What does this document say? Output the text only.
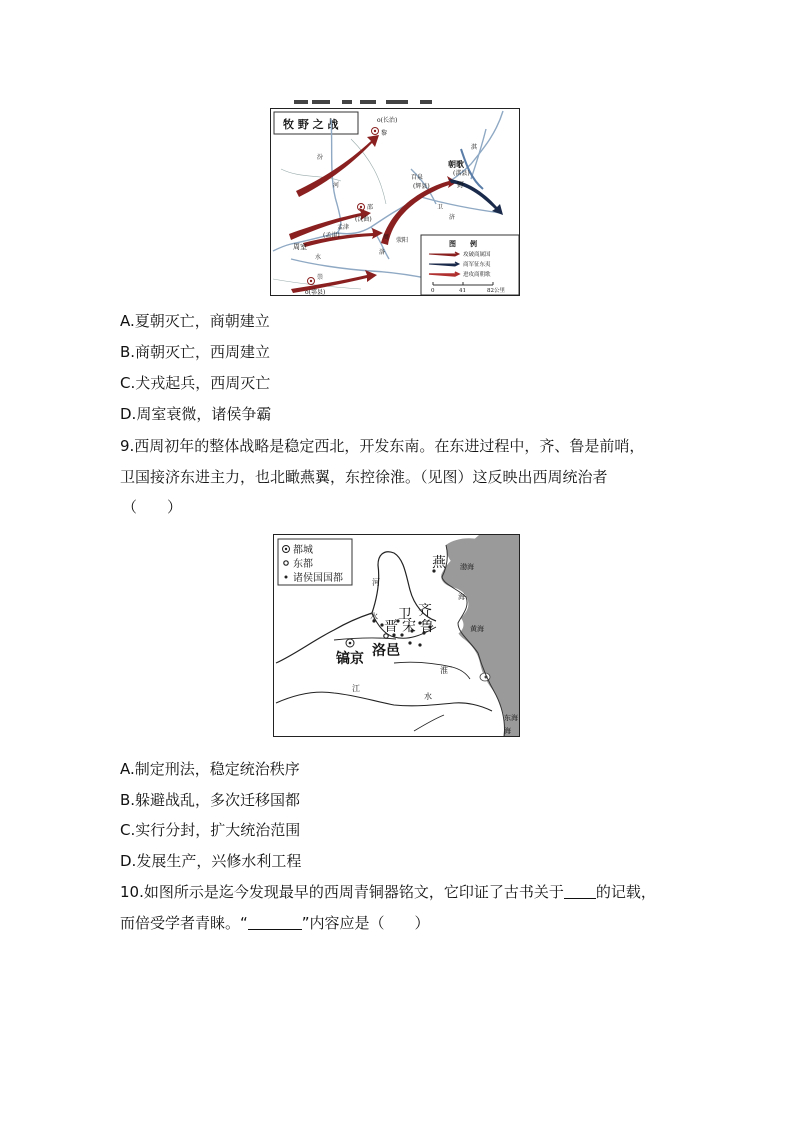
牧 野 之 战	o(长治)
黎
朝歌
(淇县)
野
百泉
(辉县)
邵
(沅曲)
孟津
(孟津)
周室
荥阳
周
崇
o(鄠县)
汾
河
洛
淇
卫
济
水
图　　例
攻破商属国
商军征东夷
进攻商朝歌
0	41	82公里
A.夏朝灭亡，商朝建立
B.商朝灭亡，西周建立
C.犬戎起兵，西周灭亡
D.周室衰微，诸侯争霸
9.西周初年的整体战略是稳定西北，开发东南。在东进过程中，齐、鲁是前哨，
卫国接济东进主力，也北瞰燕翼，东控徐淮。（见图）这反映出西周统治者
（　　）
都城
东都
诸侯国国都
燕
齐
鲁
卫
宋
晋
洛邑
镐京
河
水
江
淮
水
渤海
海
黄海
东海
海
A.制定刑法，稳定统治秩序
B.躲避战乱，多次迁移国都
C.实行分封，扩大统治范围
D.发展生产，兴修水利工程
10.如图所示是迄今发现最早的西周青铜器铭文，它印证了古书关于 的记载，
而倍受学者青睐。“	”内容应是（　　）
